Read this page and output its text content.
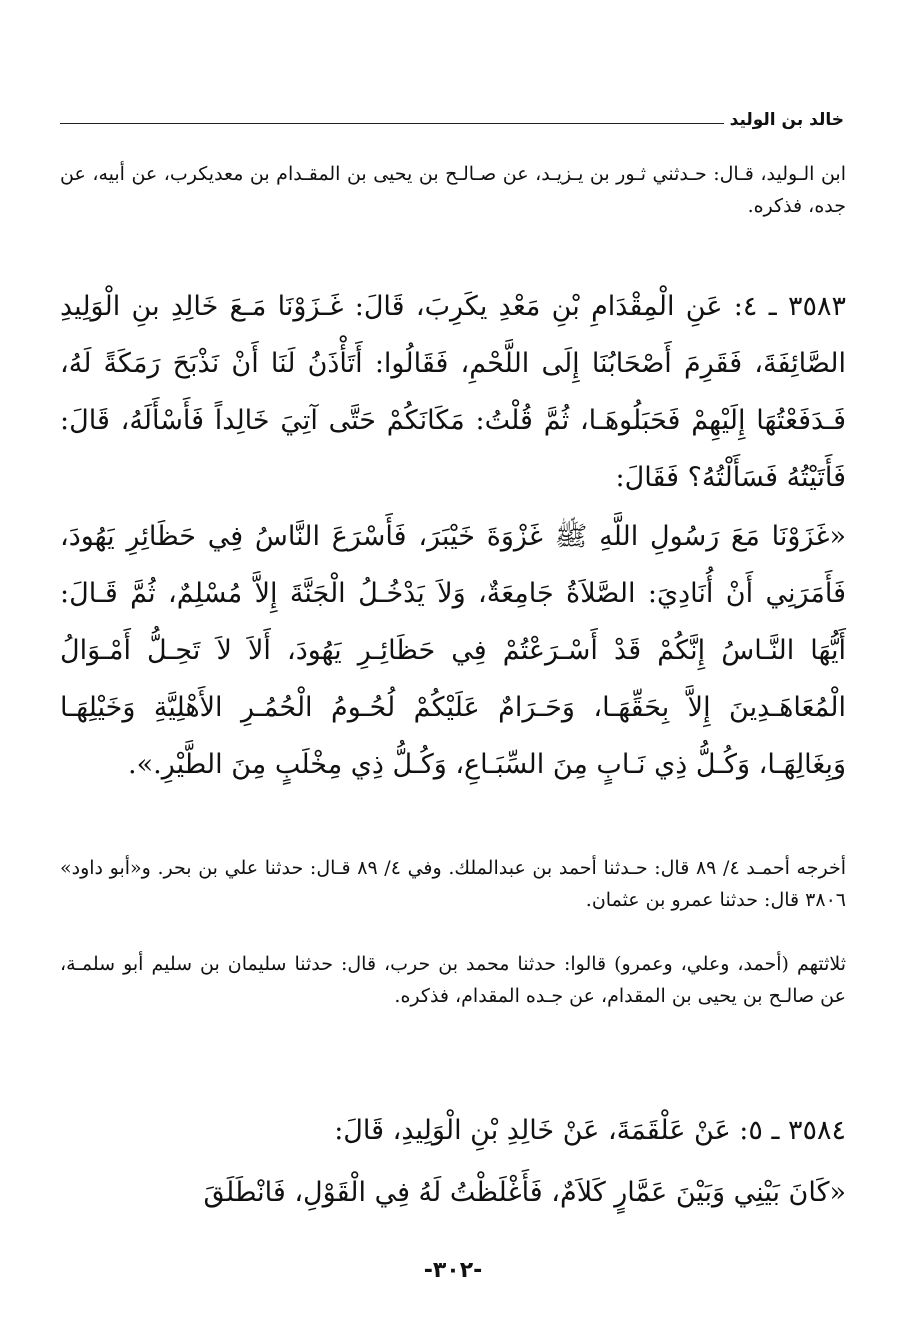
خالد بن الوليد
ابن الـوليد، قـال: حـدثني ثـور بن يـزيـد، عن صـالـح بن يحيى بن المقـدام بن معديكرب، عن أبيه، عن جده، فذكره.
٣٥٨٣ ـ ٤: عَنِ الْمِقْدَامِ بْنِ مَعْدِ يكَرِبَ، قَالَ: غَـزَوْنَا مَـعَ خَالِدِ بنِ الْوَلِيدِ الصَّائِفَةَ، فَقَرِمَ أَصْحَابُنَا إِلَى اللَّحْمِ، فَقَالُوا: أَتَأْذَنُ لَنَا أَنْ نَذْبَحَ رَمَكَةً لَهُ، فَـدَفَعْتُهَا إِلَيْهِمْ فَحَبَلُوهَـا، ثُمَّ قُلْتُ: مَكَانَكُمْ حَتَّى آتِيَ خَالِداً فَأَسْأَلَهُ، قَالَ: فَأَتَيْتُهُ فَسَأَلْتُهُ؟ فَقَالَ:
«غَزَوْنَا مَعَ رَسُولِ اللَّهِ ﷺ غَزْوَةَ خَيْبَرَ، فَأَسْرَعَ النَّاسُ فِي حَظَائِرِ يَهُودَ، فَأَمَرَنِي أَنْ أُنَادِيَ: الصَّلاَةُ جَامِعَةٌ، وَلاَ يَدْخُـلُ الْجَنَّةَ إِلاَّ مُسْلِمٌ، ثُمَّ قَـالَ: أَيُّهَا النَّـاسُ إِنَّكُمْ قَدْ أَسْـرَعْتُمْ فِي حَظَائِـرِ يَهُودَ، أَلاَ لاَ تَحِـلُّ أَمْـوَالُ الْمُعَاهَـدِينَ إِلاَّ بِحَقِّهَـا، وَحَـرَامٌ عَلَيْكُمْ لُحُـومُ الْحُمُـرِ الأَهْلِيَّةِ وَخَيْلِهَـا وَبِغَالِهَـا، وَكُـلُّ ذِي نَـابٍ مِنَ السِّبَـاعِ، وَكُـلُّ ذِي مِخْلَبٍ مِنَ الطَّيْرِ.».
أخرجه أحمـد ٤/ ٨٩ قال: حـدثنا أحمد بن عبدالملك. وفي ٤/ ٨٩ قـال: حدثنا علي بن بحر. و«أبو داود» ٣٨٠٦ قال: حدثنا عمرو بن عثمان.
ثلاثتهم (أحمد، وعلي، وعمرو) قالوا: حدثنا محمد بن حرب، قال: حدثنا سليمان بن سليم أبو سلمـة، عن صالـح بن يحيى بن المقدام، عن جـده المقدام، فذكره.
٣٥٨٤ ـ ٥: عَنْ عَلْقَمَةَ، عَنْ خَالِدِ بْنِ الْوَلِيدِ، قَالَ:
«كَانَ بَيْنِي وَبَيْنَ عَمَّارٍ كَلاَمٌ، فَأَغْلَظْتُ لَهُ فِي الْقَوْلِ، فَانْطَلَقَ
-٣٠٢-
